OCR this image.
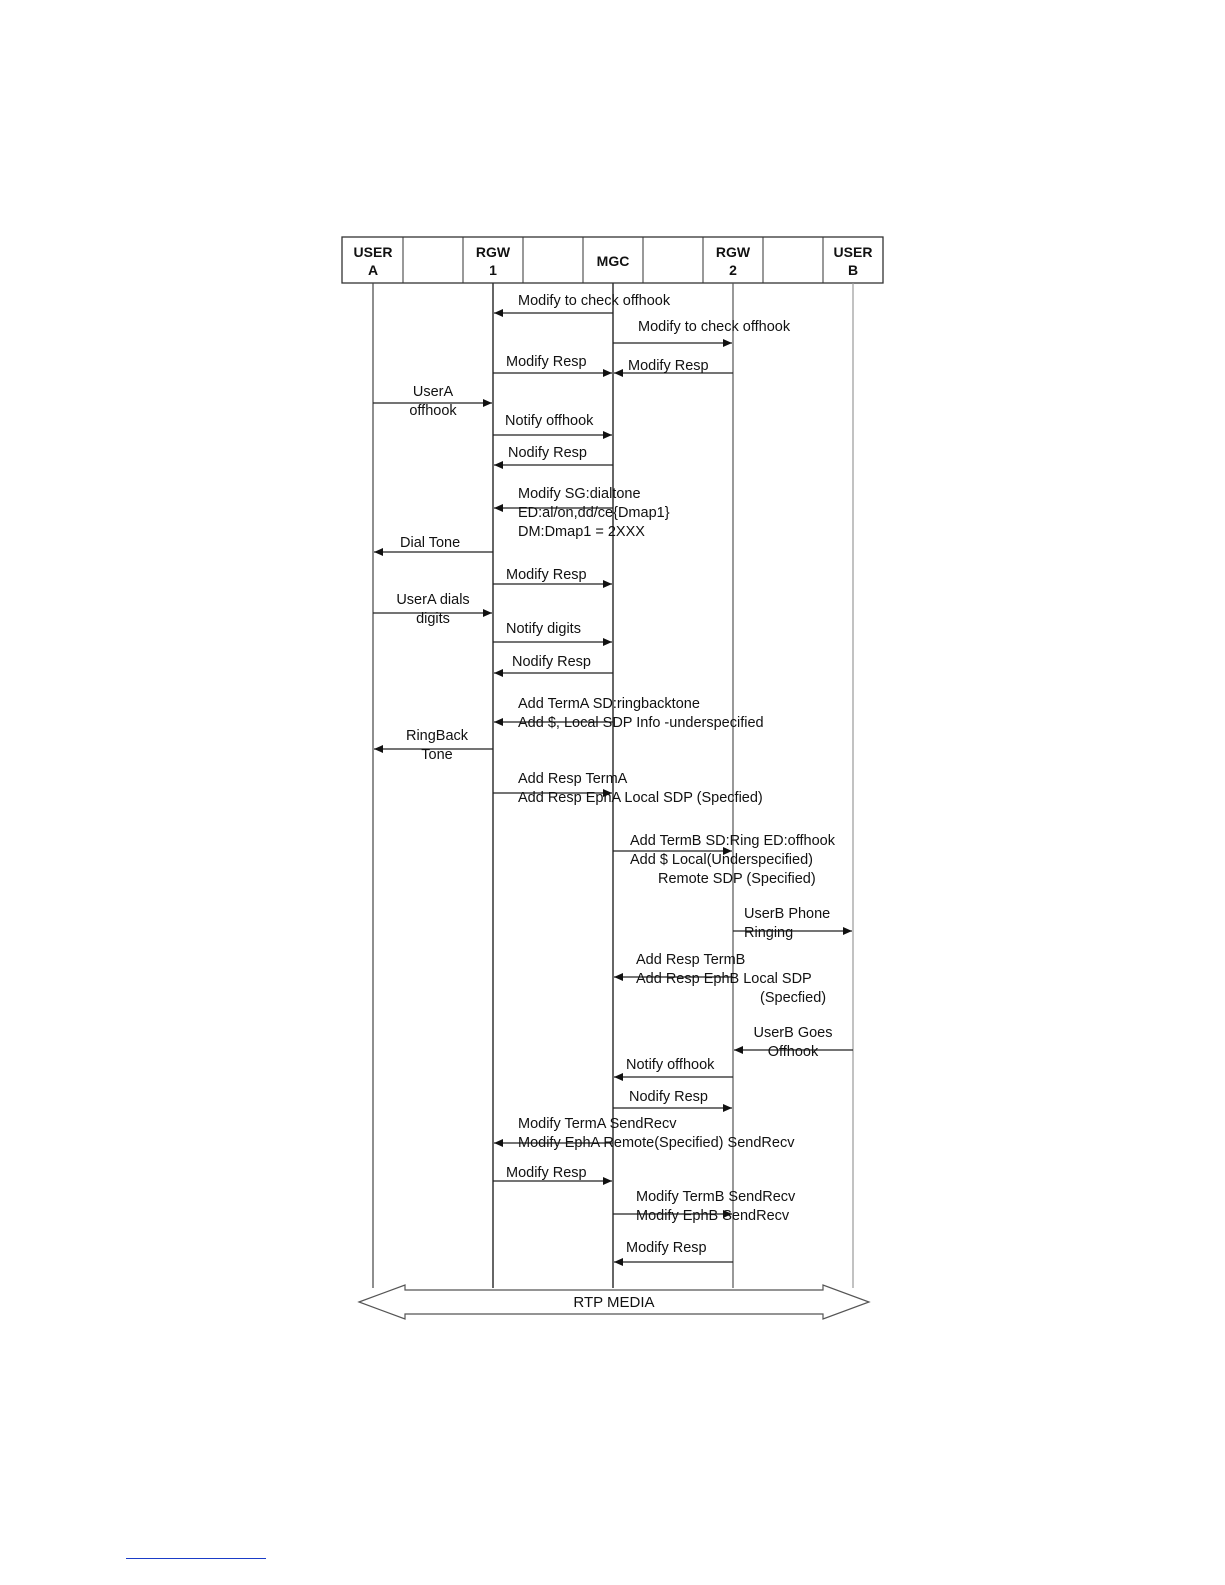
USER
A
RGW
1
MGC
RGW
2
USER
B
Modify to check offhook
Modify to check offhook
Modify Resp	Modify Resp
UserA
offhook
Notify offhook
Nodify Resp
Modify SG:dialtone
ED:al/on,dd/ce{Dmap1}
DM:Dmap1 = 2XXX
Dial Tone
Modify Resp
UserA dials
digits
Notify digits
Nodify Resp
Add TermA SD:ringbacktone
Add $, Local SDP Info -underspecified
RingBack
Tone
Add Resp TermA
Add Resp EphA Local SDP (Specfied)
Add TermB SD:Ring ED:offhook
Add $ Local(Underspecified)
Remote SDP (Specified)
UserB Phone
Ringing
Add Resp TermB
Add Resp EphB Local SDP
(Specfied)
UserB Goes
Offhook
Notify offhook
Nodify Resp
Modify TermA SendRecv
Modify EphA Remote(Specified) SendRecv
Modify Resp
Modify TermB SendRecv
Modify EphB SendRecv
Modify Resp
RTP MEDIA
